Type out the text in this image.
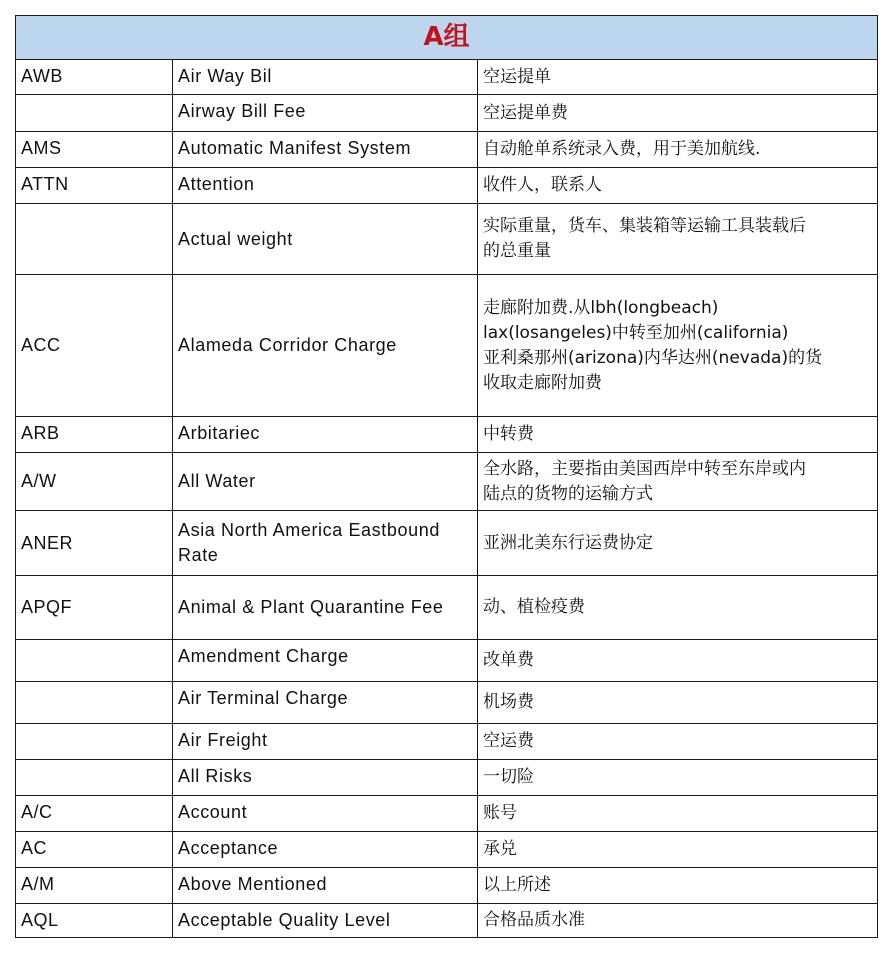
A组		
AWB	Air Way Bil	空运提单
	Airway Bill Fee	空运提单费
AMS	Automatic Manifest System	自动舱单系统录入费，用于美加航线.
ATTN	Attention	收件人，联系人
	Actual weight	实际重量，货车、集装箱等运输工具装载后
的总重量
ACC	Alameda Corridor Charge	走廊附加费.从lbh(longbeach)
lax(losangeles)中转至加州(california)
亚利桑那州(arizona)内华达州(nevada)的货
收取走廊附加费
ARB	Arbitariec	中转费
A/W	All Water	全水路，主要指由美国西岸中转至东岸或内
陆点的货物的运输方式
ANER	Asia North America Eastbound Rate	亚洲北美东行运费协定
APQF	Animal & Plant Quarantine Fee	动、植检疫费
	Amendment Charge	改单费
	Air Terminal Charge	机场费
	Air Freight	空运费
	All Risks	一切险
A/C	Account	账号
AC	Acceptance	承兑
A/M	Above Mentioned	以上所述
AQL	Acceptable Quality Level	合格品质水准
